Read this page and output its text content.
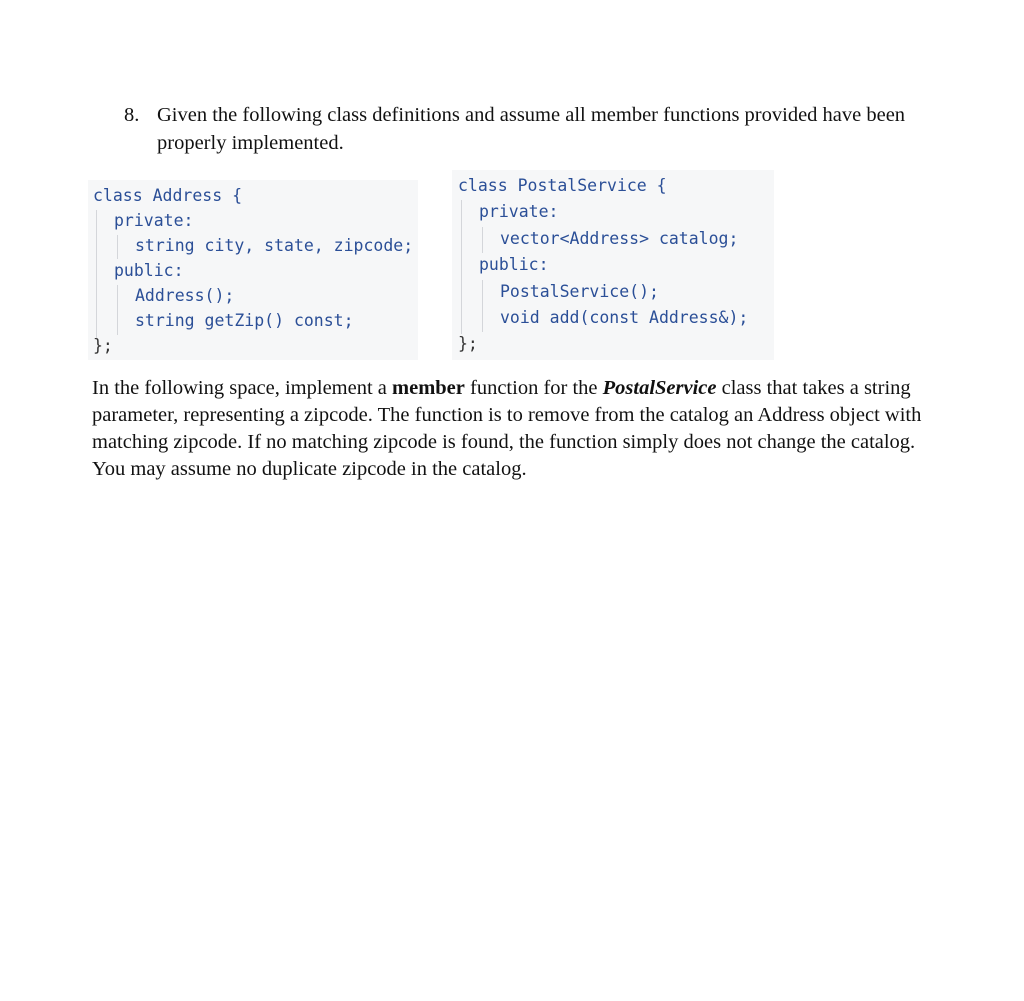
8. Given the following class definitions and assume all member functions provided have been properly implemented.
class Address {
private:
string city, state, zipcode;
public:
Address();
string getZip() const;
};
class PostalService {
private:
vector<Address> catalog;
public:
PostalService();
void add(const Address&);
};

In the following space, implement a member function for the PostalService class that takes a string parameter, representing a zipcode. The function is to remove from the catalog an Address object with matching zipcode. If no matching zipcode is found, the function simply does not change the catalog. You may assume no duplicate zipcode in the catalog.
